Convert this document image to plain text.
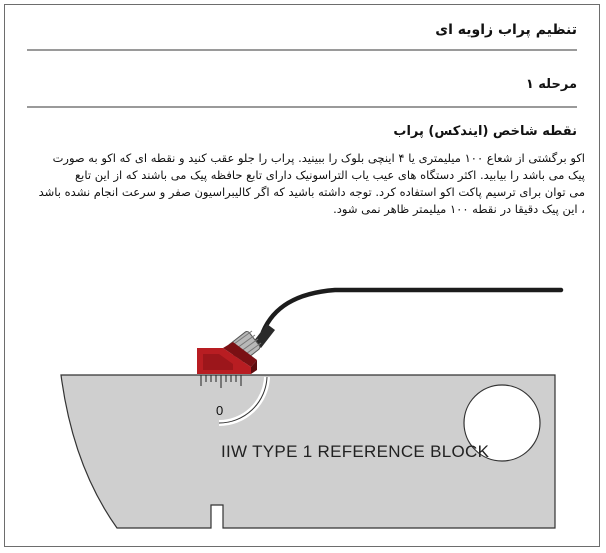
تنظیم پراب زاویه ای
مرحله ۱
نقطه شاخص (ایندکس) پراب
اکو برگشتی از شعاع ۱۰۰ میلیمتری یا ۴ اینچی بلوک را ببینید. پراب را جلو عقب کنید و نقطه ای که اکو به صورت
پیک می باشد را بیابید. اکثر دستگاه های عیب یاب التراسونیک دارای تابع حافظه پیک می باشند که از این تابع
می توان برای ترسیم پاکت اکو استفاده کرد. توجه داشته باشید که اگر کالیبراسیون صفر و سرعت انجام نشده باشد
، این پیک دقیقا در نقطه ۱۰۰ میلیمتر ظاهر نمی شود.
0
IIW TYPE 1 REFERENCE BLOCK
